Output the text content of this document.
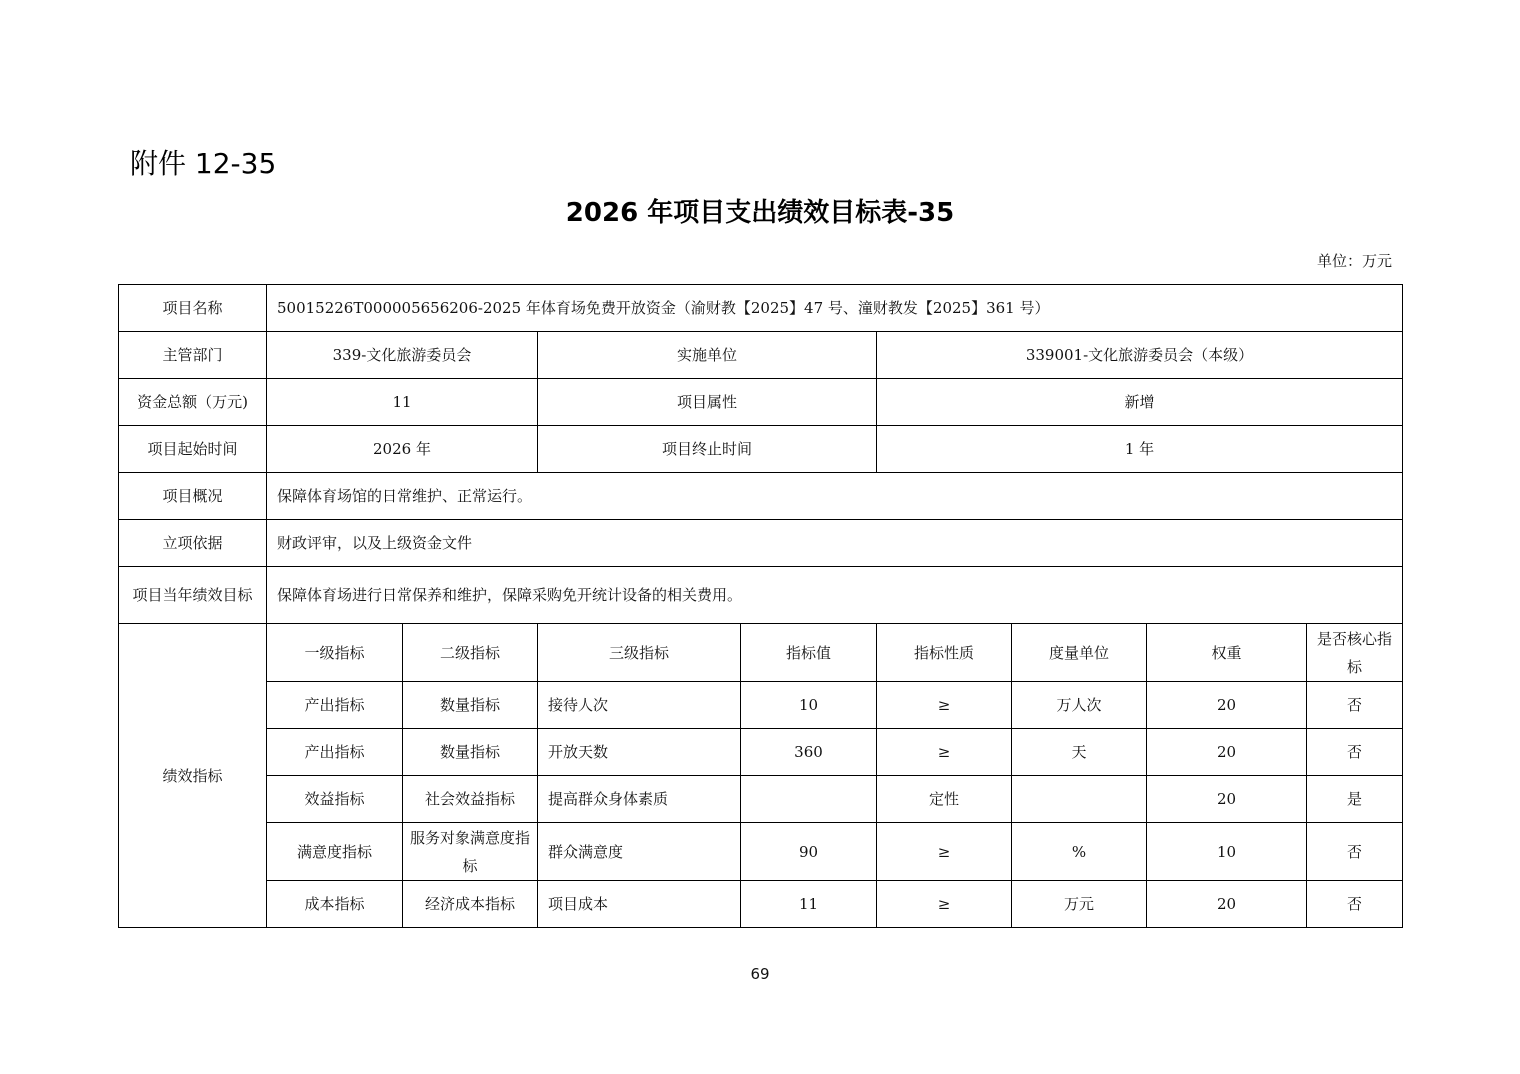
附件 12-35
2026 年项目支出绩效目标表-35
单位：万元
项目名称	50015226T000005656206-2025 年体育场免费开放资金（渝财教【2025】47 号、潼财教发【2025】361 号）							
主管部门	339-文化旅游委员会		实施单位		339001-文化旅游委员会（本级）			
资金总额（万元)	11		项目属性		新增			
项目起始时间	2026 年		项目终止时间		1 年			
项目概况	保障体育场馆的日常维护、正常运行。							
立项依据	财政评审，以及上级资金文件							
项目当年绩效目标	保障体育场进行日常保养和维护，保障采购免开统计设备的相关费用。							
绩效指标	一级指标	二级指标	三级指标	指标值	指标性质	度量单位	权重	是否核心指标
	产出指标	数量指标	接待人次	10	≥	万人次	20	否
	产出指标	数量指标	开放天数	360	≥	天	20	否
	效益指标	社会效益指标	提高群众身体素质		定性		20	是
	满意度指标	服务对象满意度指标	群众满意度	90	≥	%	10	否
	成本指标	经济成本指标	项目成本	11	≥	万元	20	否
69
